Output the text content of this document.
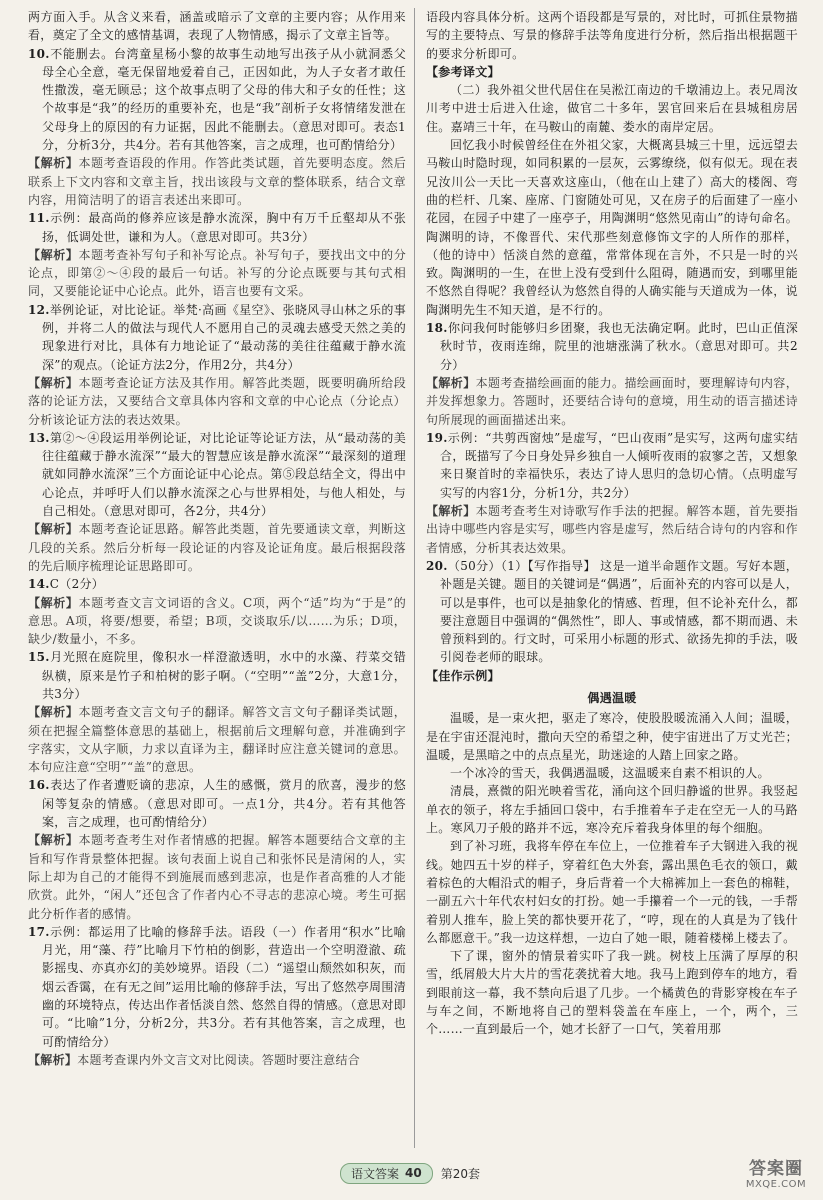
两方面入手。从含义来看，涵盖或暗示了文章的主要内容；从作用来看，奠定了全文的感情基调，表现了人物情感，揭示了文章主旨等。

10.不能删去。台湾童星杨小黎的故事生动地写出孩子从小就洞悉父母全心全意，毫无保留地爱着自己，正因如此，为人子女者才敢任性撒泼，毫无顾忌；这个故事点明了父母的伟大和子女的任性；这个故事是“我”的经历的重要补充，也是“我”剖析子女将情绪发泄在父母身上的原因的有力证据，因此不能删去。（意思对即可。表态1分，分析3分，共4分。若有其他答案，言之成理，也可酌情给分）

【解析】本题考查语段的作用。作答此类试题，首先要明态度。然后联系上下文内容和文章主旨，找出该段与文章的整体联系，结合文章内容，用简洁明了的语言表述出来即可。

11.示例：最高尚的修养应该是静水流深，胸中有万千丘壑却从不张扬，低调处世，谦和为人。（意思对即可。共3分）

【解析】本题考查补写句子和补写论点。补写句子，要找出文中的分论点，即第②～④段的最后一句话。补写的分论点既要与其句式相同，又要能论证中心论点。此外，语言也要有文采。

12.举例论证，对比论证。举梵·高画《星空》、张晓风寻山林之乐的事例，并将二人的做法与现代人不愿用自己的灵魂去感受天然之美的现象进行对比，具体有力地论证了“最动荡的美往往蕴藏于静水流深”的观点。（论证方法2分，作用2分，共4分）

【解析】本题考查论证方法及其作用。解答此类题，既要明确所给段落的论证方法，又要结合文章具体内容和文章的中心论点（分论点）分析该论证方法的表达效果。

13.第②～④段运用举例论证，对比论证等论证方法，从“最动荡的美往往蕴藏于静水流深”“最大的智慧应该是静水流深”“最深刻的道理就如同静水流深”三个方面论证中心论点。第⑤段总结全文，得出中心论点，并呼吁人们以静水流深之心与世界相处，与他人相处，与自己相处。（意思对即可，各2分，共4分）

【解析】本题考查论证思路。解答此类题，首先要通读文章，判断这几段的关系。然后分析每一段论证的内容及论证角度。最后根据段落的先后顺序梳理论证思路即可。

14.C（2分）

【解析】本题考查文言文词语的含义。C项，两个“适”均为“于是”的意思。A项，将要/想要，希望；B项，交谈取乐/以……为乐；D项，缺少/数量小，不多。

15.月光照在庭院里，像积水一样澄澈透明，水中的水藻、荇菜交错纵横，原来是竹子和柏树的影子啊。（“空明”“盖”2分，大意1分，共3分）

【解析】本题考查文言文句子的翻译。解答文言文句子翻译类试题，须在把握全篇整体意思的基础上，根据前后文理解句意，并准确到字字落实，文从字顺，力求以直译为主，翻译时应注意关键词的意思。本句应注意“空明”“盖”的意思。

16.表达了作者遭贬谪的悲凉，人生的感慨，赏月的欣喜，漫步的悠闲等复杂的情感。（意思对即可。一点1分，共4分。若有其他答案，言之成理，也可酌情给分）

【解析】本题考查考生对作者情感的把握。解答本题要结合文章的主旨和写作背景整体把握。该句表面上说自己和张怀民是清闲的人，实际上却为自己的才能得不到施展而感到悲凉，也是作者高雅的人才能欣赏。此外，“闲人”还包含了作者内心不寻志的悲凉心境。考生可据此分析作者的感情。

17.示例：都运用了比喻的修辞手法。语段（一）作者用“积水”比喻月光，用“藻、荇”比喻月下竹柏的倒影，营造出一个空明澄澈、疏影摇曳、亦真亦幻的美妙境界。语段（二）“遥望山颓然如积灰，而烟云香霭，在有无之间”运用比喻的修辞手法，写出了悠然亭周围清幽的环境特点，传达出作者恬淡自然、悠然自得的情感。（意思对即可。“比喻”1分，分析2分，共3分。若有其他答案，言之成理，也可酌情给分）

【解析】本题考查课内外文言文对比阅读。答题时要注意结合

语段内容具体分析。这两个语段都是写景的，对比时，可抓住景物描写的主要特点、写景的修辞手法等角度进行分析，然后指出根据题干的要求分析即可。

【参考译文】

（二）我外祖父世代居住在吴淞江南边的千墩浦边上。表兄周汝川考中进士后进入仕途，做官二十多年，罢官回来后在县城租房居住。嘉靖三十年，在马鞍山的南麓、娄水的南岸定居。

回忆我小时候曾经住在外祖父家，大概离县城三十里，远远望去马鞍山时隐时现，如同积累的一层灰，云雾缭绕，似有似无。现在表兄汝川公一天比一天喜欢这座山，（他在山上建了）高大的楼阁、弯曲的栏杆、几案、座席、门窗随处可见，又在房子的后面建了一座小花园，在园子中建了一座亭子，用陶渊明“悠然见南山”的诗句命名。陶渊明的诗，不像晋代、宋代那些刻意修饰文字的人所作的那样，（他的诗中）恬淡自然的意蕴，常常体现在言外，不只是一时的兴致。陶渊明的一生，在世上没有受到什么阻碍，随遇而安，到哪里能不悠然自得呢？我曾经认为悠然自得的人确实能与天道成为一体，说陶渊明先生不知天道，是不行的。

18.你问我何时能够归乡团聚，我也无法确定啊。此时，巴山正值深秋时节，夜雨连绵，院里的池塘涨满了秋水。（意思对即可。共2分）

【解析】本题考查描绘画面的能力。描绘画面时，要理解诗句内容，并发挥想象力。答题时，还要结合诗句的意境，用生动的语言描述诗句所展现的画面描述出来。

19.示例：“共剪西窗烛”是虚写，“巴山夜雨”是实写，这两句虚实结合，既描写了今日身处异乡独自一人倾听夜雨的寂寥之苦，又想象来日聚首时的幸福快乐，表达了诗人思归的急切心情。（点明虚写实写的内容1分，分析1分，共2分）

【解析】本题考查考生对诗歌写作手法的把握。解答本题，首先要指出诗中哪些内容是实写，哪些内容是虚写，然后结合诗句的内容和作者情感，分析其表达效果。

20.（50分）（1）【写作指导】 这是一道半命题作文题。写好本题，补题是关键。题目的关键词是“偶遇”，后面补充的内容可以是人，可以是事件，也可以是抽象化的情感、哲理，但不论补充什么，都要注意题目中强调的“偶然性”，即人、事或情感，都不期而遇、未曾预料到的。行文时，可采用小标题的形式、欲扬先抑的手法，吸引阅卷老师的眼球。

【佳作示例】

偶遇温暖

温暖，是一束火把，驱走了寒冷，使股股暖流涌入人间；温暖，是在宇宙还混沌时，撒向天空的希望之种，使宇宙迸出了万丈光芒；温暖，是黑暗之中的点点星光，助迷途的人踏上回家之路。

一个冰冷的雪天，我偶遇温暖，这温暖来自素不相识的人。

清晨，熹微的阳光映着雪花，涌向这个回归静谧的世界。我竖起单衣的领子，将左手插回口袋中，右手推着车子走在空无一人的马路上。寒风刀子般的路并不远，寒冷充斥着我身体里的每个细胞。

到了补习班，我将车停在车位上，一位推着车子大钢进入我的视线。她四五十岁的样子，穿着红色大外套，露出黑色毛衣的领口，戴着棕色的大帽沿式的帽子，身后背着一个大棉裤加上一套色的棉鞋，一副五六十年代农村妇女的打扮。她一手攥着一个一元的钱，一手帮着别人推车，脸上笑的都快要开花了，“哼，现在的人真是为了钱什么都愿意干。”我一边这样想，一边白了她一眼，随着楼梯上楼去了。

下了课，窗外的情景着实吓了我一跳。树枝上压满了厚厚的积雪，纸屑般大片大片的雪花袭扰着大地。我马上跑到停车的地方，看到眼前这一幕，我不禁向后退了几步。一个橘黄色的背影穿梭在车子与车之间，不断地将自己的塑料袋盖在车座上，一个，两个，三个……一直到最后一个，她才长舒了一口气，笑着用那

语文答案 40 第20套	答案圈
MXQE.COM
